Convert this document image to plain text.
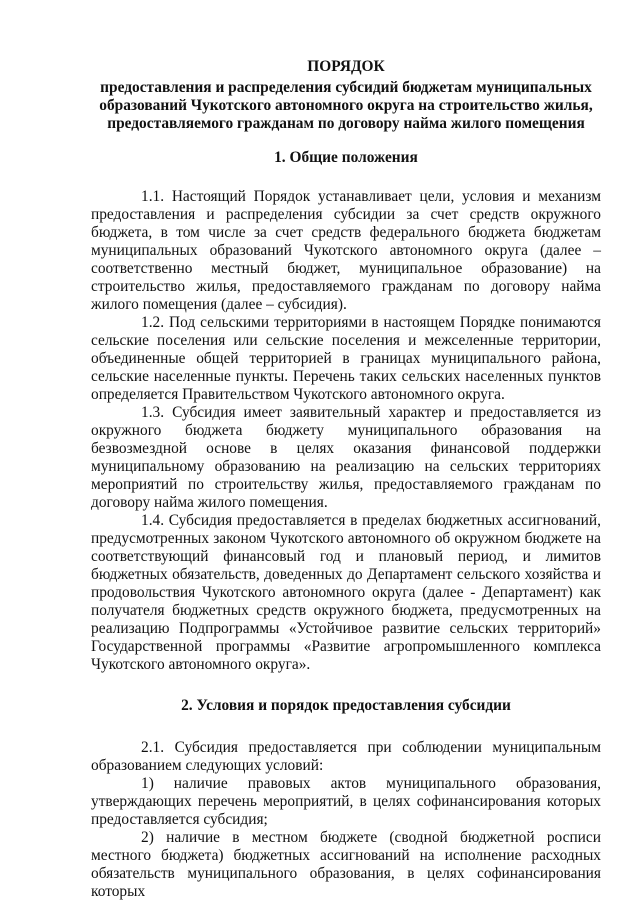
ПОРЯДОК
предоставления и распределения субсидий бюджетам муниципальных
образований Чукотского автономного округа на строительство жилья,
предоставляемого гражданам по договору найма жилого помещения
1. Общие положения

1.1. Настоящий Порядок устанавливает цели, условия и механизм предоставления и распределения субсидии за счет средств окружного бюджета, в том числе за счет средств федерального бюджета бюджетам муниципальных образований Чукотского автономного округа (далее – соответственно местный бюджет, муниципальное образование) на строительство жилья, предоставляемого гражданам по договору найма жилого помещения (далее – субсидия).

1.2. Под сельскими территориями в настоящем Порядке понимаются сельские поселения или сельские поселения и межселенные территории, объединенные общей территорией в границах муниципального района, сельские населенные пункты. Перечень таких сельских населенных пунктов определяется Правительством Чукотского автономного округа.

1.3. Субсидия имеет заявительный характер и предоставляется из окружного бюджета бюджету муниципального образования на безвозмездной основе в целях оказания финансовой поддержки муниципальному образованию на реализацию на сельских территориях мероприятий по строительству жилья, предоставляемого гражданам по договору найма жилого помещения.

1.4. Субсидия предоставляется в пределах бюджетных ассигнований, предусмотренных законом Чукотского автономного об окружном бюджете на соответствующий финансовый год и плановый период, и лимитов бюджетных обязательств, доведенных до Департамент сельского хозяйства и продовольствия Чукотского автономного округа (далее - Департамент) как получателя бюджетных средств окружного бюджета, предусмотренных на реализацию Подпрограммы «Устойчивое развитие сельских территорий» Государственной программы «Развитие агропромышленного комплекса Чукотского автономного округа».

2. Условия и порядок предоставления субсидии

2.1. Субсидия предоставляется при соблюдении муниципальным образованием следующих условий:

1) наличие правовых актов муниципального образования, утверждающих перечень мероприятий, в целях софинансирования которых предоставляется субсидия;

2) наличие в местном бюджете (сводной бюджетной росписи местного бюджета) бюджетных ассигнований на исполнение расходных обязательств муниципального образования, в целях софинансирования которых
